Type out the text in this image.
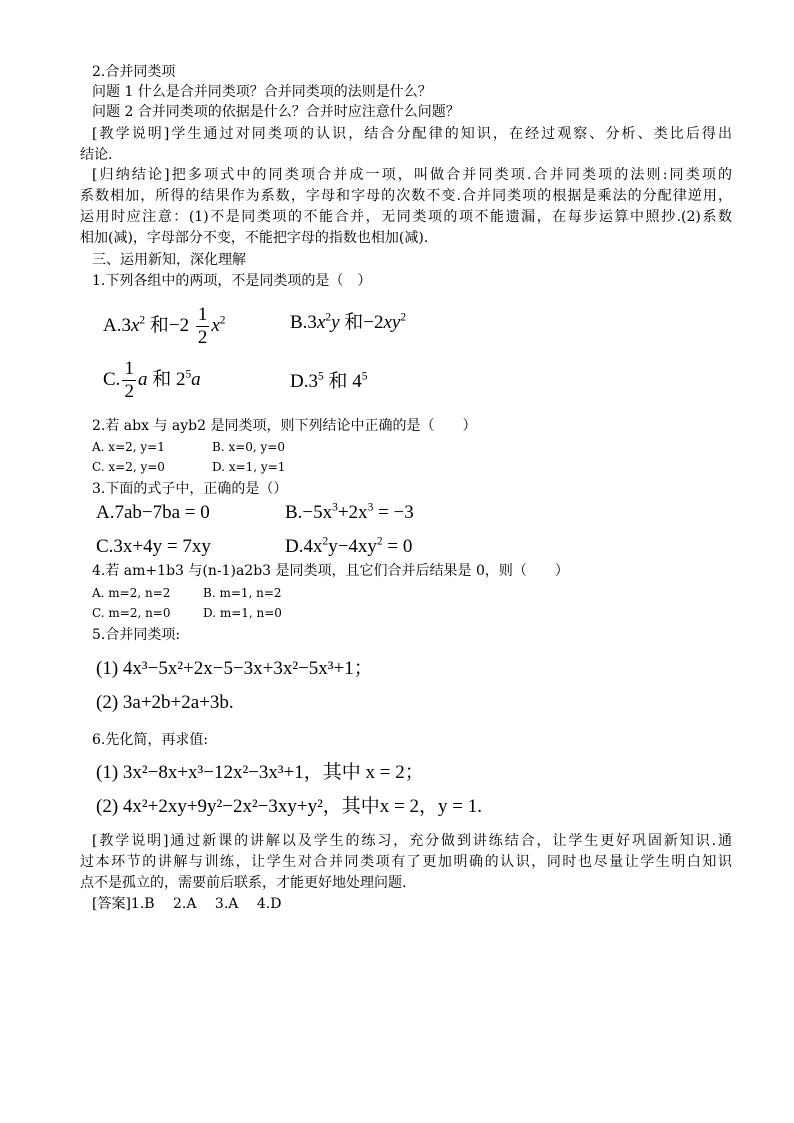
2.合并同类项
问题 1 什么是合并同类项？合并同类项的法则是什么？
问题 2 合并同类项的依据是什么？合并时应注意什么问题？
[教学说明]学生通过对同类项的认识，结合分配律的知识，在经过观察、分析、类比后得出
结论.
[归纳结论]把多项式中的同类项合并成一项，叫做合并同类项.合并同类项的法则:同类项的
系数相加，所得的结果作为系数，字母和字母的次数不变.合并同类项的根据是乘法的分配律逆用，
运用时应注意：(1)不是同类项的不能合并，无同类项的项不能遗漏，在每步运算中照抄.(2)系数
相加(减)，字母部分不变，不能把字母的指数也相加(减).
三、运用新知，深化理解
1.下列各组中的两项，不是同类项的是（　）
$A.3x^2$ 和$-2 \frac{1}{2} x^2$	$B.3x^2y$ 和$-2xy^2$
C. $\frac{1}{2}$ a 和 $2^5a$	$D.3^5$ 和 $4^5$
2.若 abx 与 ayb2 是同类项，则下列结论中正确的是（　　）
A. x=2, y=1	B. x=0, y=0
C. x=2, y=0	D. x=1, y=1
3.下面的式子中，正确的是（）
A.7ab−7ba = 0	$B.-5x^3+2x^3 = -3$
C.3x+4y = 7xy	$D.4x^2y-4xy^2 = 0$
4.若 am+1b3 与(n-1)a2b3 是同类项，且它们合并后结果是 0，则（　　）
A. m=2, n=2	B. m=1, n=2
C. m=2, n=0	D. m=1, n=0
5.合并同类项:
(1) 4x³−5x²+2x−5−3x+3x²−5x³+1；
(2) 3a+2b+2a+3b.
6.先化简，再求值:
(1) 3x²−8x+x³−12x²−3x³+1，其中 x = 2；
(2) 4x²+2xy+9y²−2x²−3xy+y²，其中x = 2，y = 1.
[教学说明]通过新课的讲解以及学生的练习，充分做到讲练结合，让学生更好巩固新知识.通
过本环节的讲解与训练，让学生对合并同类项有了更加明确的认识，同时也尽量让学生明白知识
点不是孤立的，需要前后联系，才能更好地处理问题.
[答案]1.B　 2.A　 3.A　 4.D
